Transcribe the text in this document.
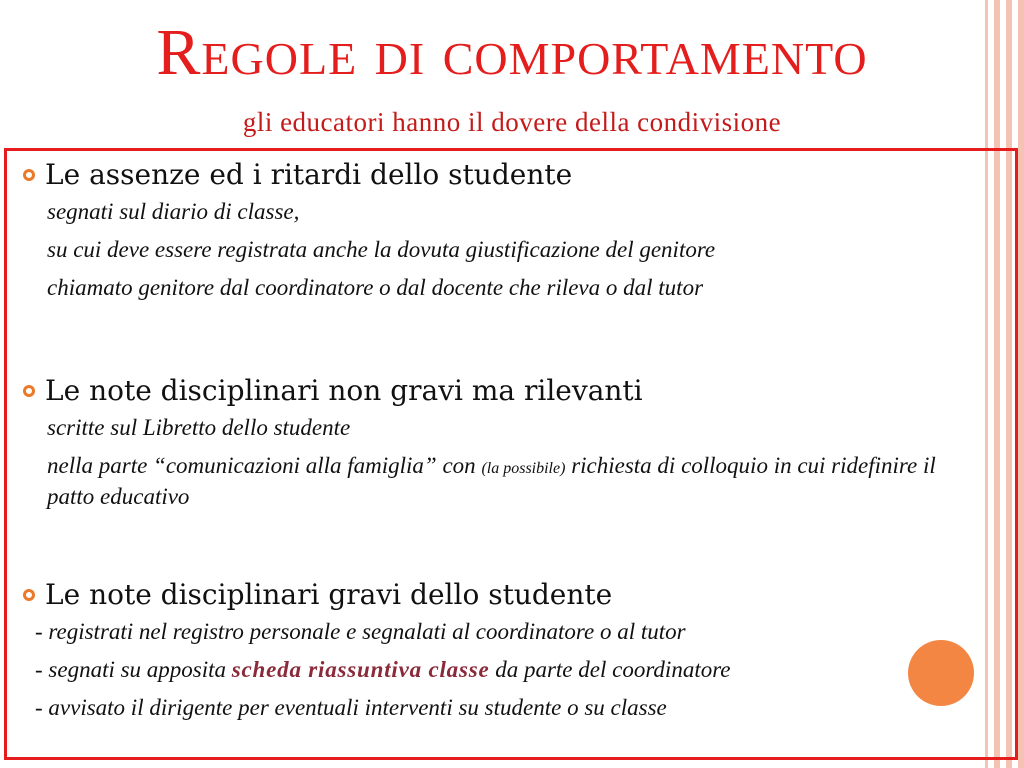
Regole di comportamento
gli educatori hanno il dovere della condivisione
Le assenze ed i ritardi dello studente
segnati sul diario di classe,
su cui deve essere registrata anche la dovuta giustificazione del genitore
chiamato genitore dal coordinatore o dal docente che rileva o dal tutor
Le note disciplinari non gravi ma rilevanti
scritte sul Libretto dello studente
nella parte “comunicazioni alla famiglia” con (la possibile) richiesta di colloquio in cui ridefinire il patto educativo
Le note disciplinari gravi dello studente
- registrati nel registro personale e segnalati al coordinatore o al tutor
- segnati su apposita scheda riassuntiva classe da parte del coordinatore
- avvisato il dirigente per eventuali interventi su studente o su classe
